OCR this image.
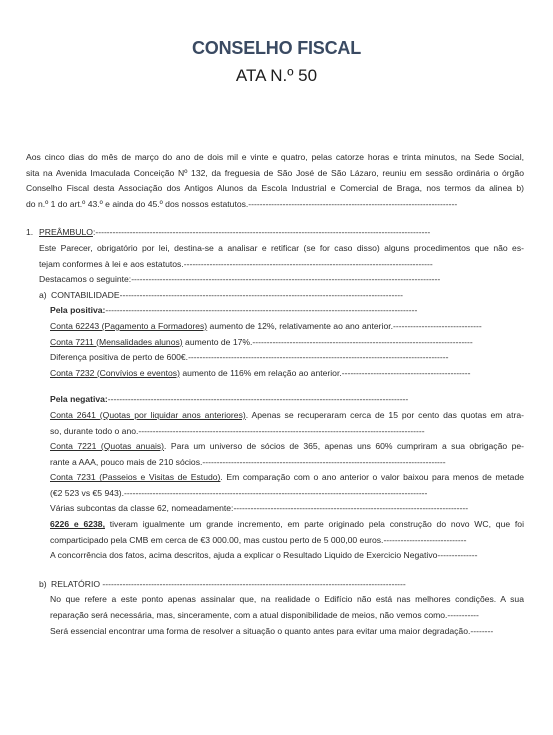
CONSELHO FISCAL
ATA N.º 50
Aos cinco dias do mês de março do ano de dois mil e vinte e quatro, pelas catorze horas e trinta minutos, na Sede Social,
sita na Avenida Imaculada Conceição Nº 132, da freguesia de São José de São Lázaro, reuniu em sessão ordinária o órgão
Conselho Fiscal desta Associação dos Antigos Alunos da Escola Industrial e Comercial de Braga, nos termos da alinea b)
do n.º 1 do art.º 43.º e ainda do 45.º dos nossos estatutos.-------------------------------------------------------------------------
1. PREÂMBULO:---------------------------------------------------------------------------------------------------------------------
Este Parecer, obrigatório por lei, destina-se a analisar e retificar (se for caso disso) alguns procedimentos que não es-
tejam conformes à lei e aos estatutos.---------------------------------------------------------------------------------------
Destacamos o seguinte:------------------------------------------------------------------------------------------------------------
a) CONTABILIDADE---------------------------------------------------------------------------------------------------
Pela positiva:-------------------------------------------------------------------------------------------------------------
Conta 62243 (Pagamento a Formadores) aumento de 12%, relativamente ao ano anterior.-------------------------------
Conta 7211 (Mensalidades alunos) aumento de 17%.-----------------------------------------------------------------------------
Diferença positiva de perto de 600€.-------------------------------------------------------------------------------------------
Conta 7232 (Convívios e eventos) aumento de 116% em relação ao anterior.---------------------------------------------
Pela negativa:---------------------------------------------------------------------------------------------------------
Conta 2641 (Quotas por liquidar anos anteriores). Apenas se recuperaram cerca de 15 por cento das quotas em atra-
so, durante todo o ano.----------------------------------------------------------------------------------------------------
Conta 7221 (Quotas anuais). Para um universo de sócios de 365, apenas uns 60% cumpriram a sua obrigação pe-
rante a AAA, pouco mais de 210 sócios.-------------------------------------------------------------------------------------
Conta 7231 (Passeios e Visitas de Estudo). Em comparação com o ano anterior o valor baixou para menos de metade
(€2 523 vs €5 943).----------------------------------------------------------------------------------------------------------
Várias subcontas da classe 62, nomeadamente:----------------------------------------------------------------------------------
6226 e 6238, tiveram igualmente um grande incremento, em parte originado pela construção do novo WC, que foi
comparticipado pela CMB em cerca de €3 000.00, mas custou perto de 5 000,00 euros.-----------------------------
A concorrência dos fatos, acima descritos, ajuda a explicar o Resultado Liquido de Exercicio Negativo--------------
b) RELATÓRIO ----------------------------------------------------------------------------------------------------------
No que refere a este ponto apenas assinalar que, na realidade o Edifício não está nas melhores condições. A sua
reparação será necessária, mas, sinceramente, com a atual disponibilidade de meios, não vemos como.-----------
Será essencial encontrar uma forma de resolver a situação o quanto antes para evitar uma maior degradação.--------
